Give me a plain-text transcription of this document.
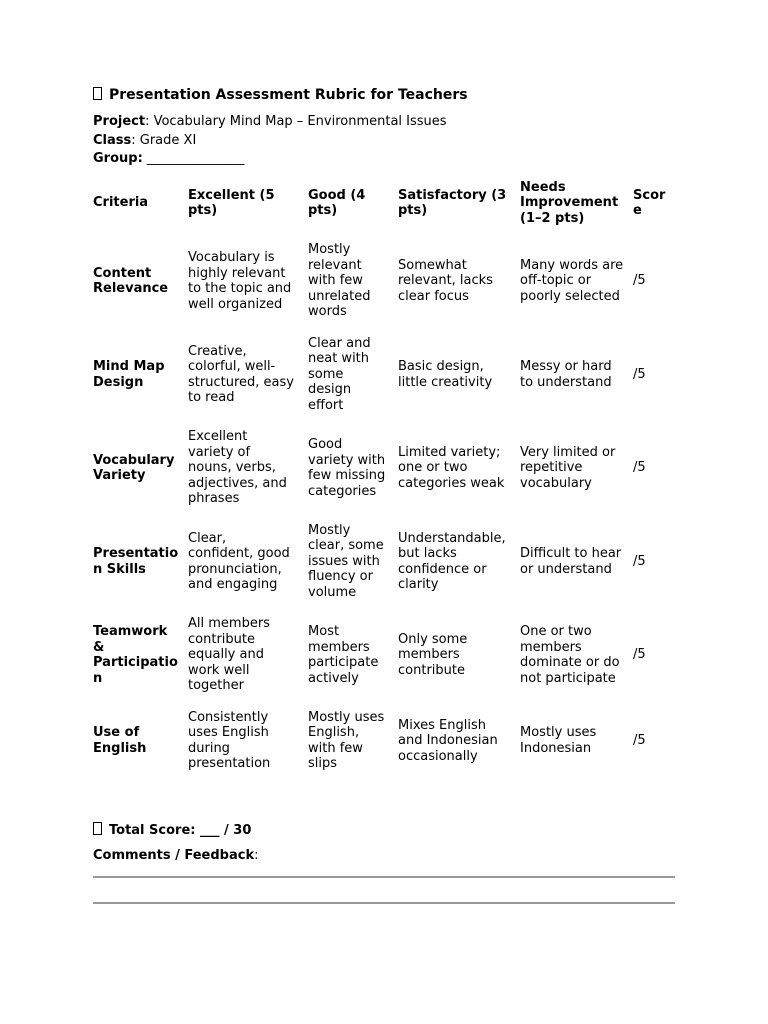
Presentation Assessment Rubric for Teachers

Project: Vocabulary Mind Map – Environmental Issues

Class: Grade XI

Group: _______________

Criteria	Excellent (5 pts)	Good (4 pts)	Satisfactory (3 pts)	Needs Improvement (1–2 pts)	Score
Content Relevance	Vocabulary is highly relevant to the topic and well organized	Mostly relevant with few unrelated words	Somewhat relevant, lacks clear focus	Many words are off-topic or poorly selected	/5
Mind Map Design	Creative, colorful, well-structured, easy to read	Clear and neat with some design effort	Basic design, little creativity	Messy or hard to understand	/5
Vocabulary Variety	Excellent variety of nouns, verbs, adjectives, and phrases	Good variety with few missing categories	Limited variety; one or two categories weak	Very limited or repetitive vocabulary	/5
Presentation Skills	Clear, confident, good pronunciation, and engaging	Mostly clear, some issues with fluency or volume	Understandable, but lacks confidence or clarity	Difficult to hear or understand	/5
Teamwork & Participation	All members contribute equally and work well together	Most members participate actively	Only some members contribute	One or two members dominate or do not participate	/5
Use of English	Consistently uses English during presentation	Mostly uses English, with few slips	Mixes English and Indonesian occasionally	Mostly uses Indonesian	/5

Total Score: ___ / 30

Comments / Feedback:
